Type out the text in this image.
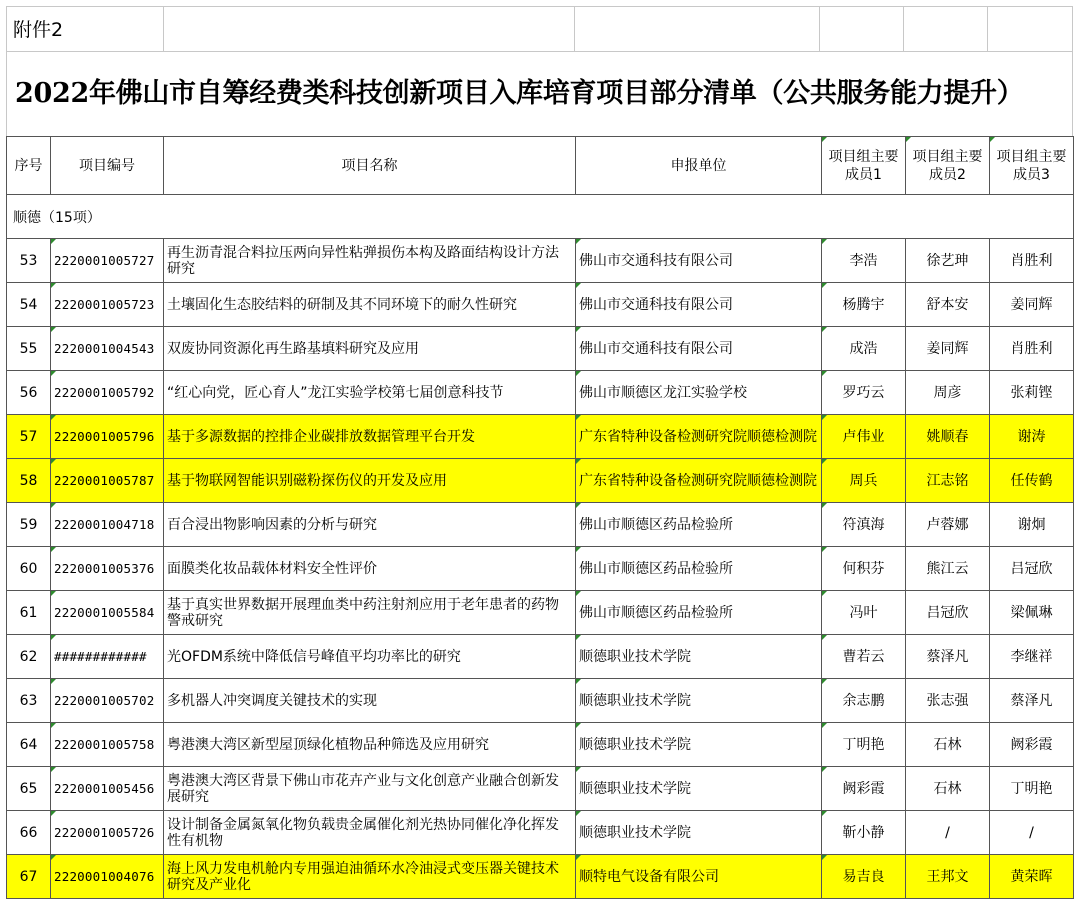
附件2
2022年佛山市自筹经费类科技创新项目入库培育项目部分清单（公共服务能力提升）
序号	项目编号	项目名称	申报单位	项目组主要成员1	项目组主要成员2	项目组主要成员3
顺德（15项）						
53	2220001005727	再生沥青混合料拉压两向异性粘弹损伤本构及路面结构设计方法研究	佛山市交通科技有限公司	李浩	徐艺珅	肖胜利
54	2220001005723	土壤固化生态胶结料的研制及其不同环境下的耐久性研究	佛山市交通科技有限公司	杨腾宇	舒本安	姜同辉
55	2220001004543	双废协同资源化再生路基填料研究及应用	佛山市交通科技有限公司	成浩	姜同辉	肖胜利
56	2220001005792	“红心向党，匠心育人”龙江实验学校第七届创意科技节	佛山市顺德区龙江实验学校	罗巧云	周彦	张莉铿
57	2220001005796	基于多源数据的控排企业碳排放数据管理平台开发	广东省特种设备检测研究院顺德检测院	卢伟业	姚顺春	谢涛
58	2220001005787	基于物联网智能识别磁粉探伤仪的开发及应用	广东省特种设备检测研究院顺德检测院	周兵	江志铭	任传鹤
59	2220001004718	百合浸出物影响因素的分析与研究	佛山市顺德区药品检验所	符滇海	卢蓉娜	谢炯
60	2220001005376	面膜类化妆品载体材料安全性评价	佛山市顺德区药品检验所	何积芬	熊江云	吕冠欣
61	2220001005584	基于真实世界数据开展理血类中药注射剂应用于老年患者的药物警戒研究	佛山市顺德区药品检验所	冯叶	吕冠欣	梁佩琳
62	############	光OFDM系统中降低信号峰值平均功率比的研究	顺德职业技术学院	曹若云	蔡泽凡	李继祥
63	2220001005702	多机器人冲突调度关键技术的实现	顺德职业技术学院	余志鹏	张志强	蔡泽凡
64	2220001005758	粤港澳大湾区新型屋顶绿化植物品种筛选及应用研究	顺德职业技术学院	丁明艳	石林	阙彩霞
65	2220001005456	粤港澳大湾区背景下佛山市花卉产业与文化创意产业融合创新发展研究	顺德职业技术学院	阙彩霞	石林	丁明艳
66	2220001005726	设计制备金属氮氧化物负载贵金属催化剂光热协同催化净化挥发性有机物	顺德职业技术学院	靳小静	/	/
67	2220001004076	海上风力发电机舱内专用强迫油循环水冷油浸式变压器关键技术研究及产业化	顺特电气设备有限公司	易吉良	王邦文	黄荣晖
